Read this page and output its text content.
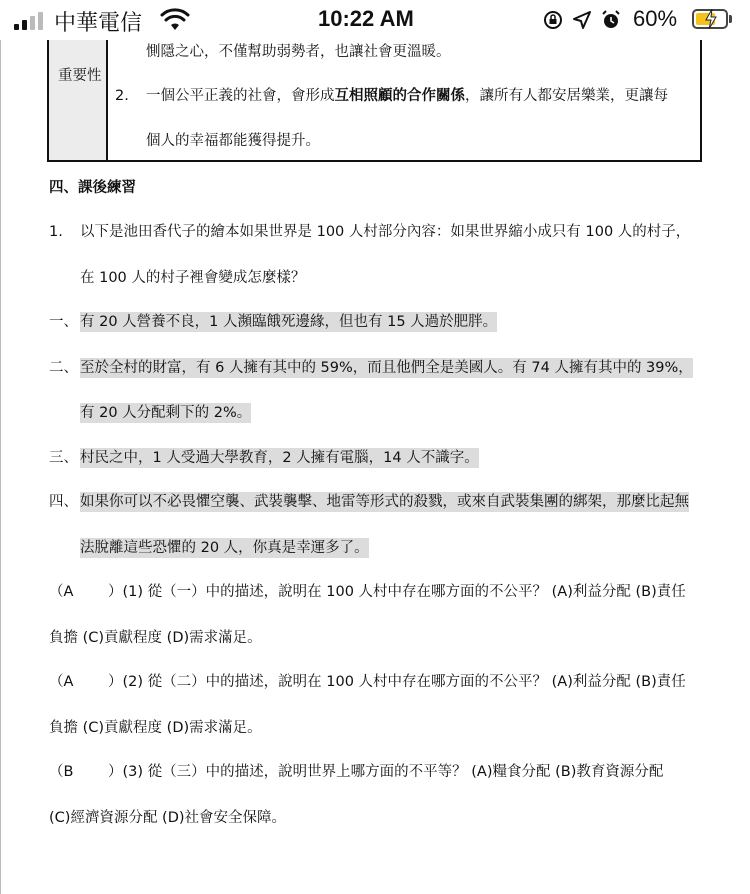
中華電信	10:22 AM	60%
重要性
惻隱之心，不僅幫助弱勢者，也讓社會更溫暖。
2. 一個公平正義的社會，會形成互相照顧的合作關係，讓所有人都安居樂業，更讓每
個人的幸福都能獲得提升。
四、課後練習
1. 以下是池田香代子的繪本如果世界是 100 人村部分內容：如果世界縮小成只有 100 人的村子，
在 100 人的村子裡會變成怎麼樣？
一、 有 20 人營養不良，1 人瀕臨餓死邊緣，但也有 15 人過於肥胖。
二、 至於全村的財富，有 6 人擁有其中的 59%，而且他們全是美國人。有 74 人擁有其中的 39%，
有 20 人分配剩下的 2%。
三、 村民之中，1 人受過大學教育，2 人擁有電腦，14 人不識字。
四、 如果你可以不必畏懼空襲、武裝襲擊、地雷等形式的殺戮，或來自武裝集團的綁架，那麼比起無
法脫離這些恐懼的 20 人，你真是幸運多了。
（A ）(1) 從（一）中的描述，說明在 100 人村中存在哪方面的不公平？ (A)利益分配 (B)責任
負擔 (C)貢獻程度 (D)需求滿足。
（A ）(2) 從（二）中的描述，說明在 100 人村中存在哪方面的不公平？ (A)利益分配 (B)責任
負擔 (C)貢獻程度 (D)需求滿足。
（B ）(3) 從（三）中的描述，說明世界上哪方面的不平等？ (A)糧食分配 (B)教育資源分配
(C)經濟資源分配 (D)社會安全保障。
